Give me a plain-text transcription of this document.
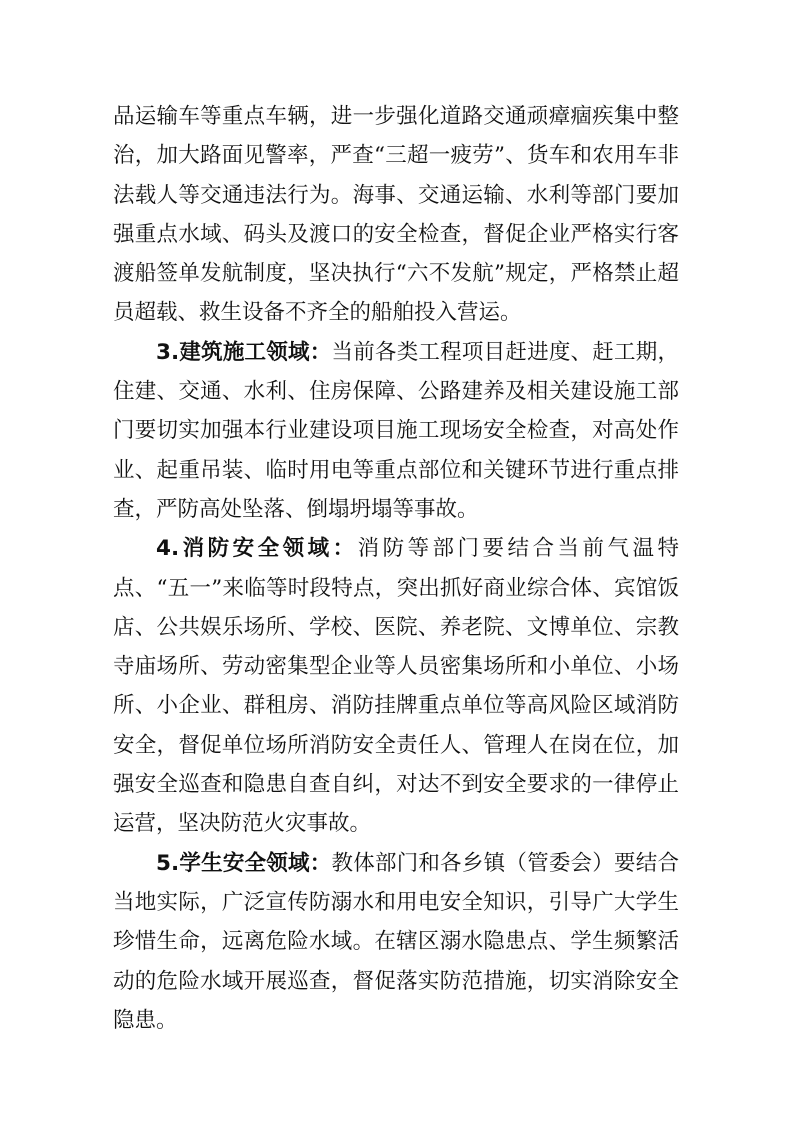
品运输车等重点车辆，进一步强化道路交通顽瘴痼疾集中整治，加大路面见警率，严查“三超一疲劳”、货车和农用车非法载人等交通违法行为。海事、交通运输、水利等部门要加强重点水域、码头及渡口的安全检查，督促企业严格实行客渡船签单发航制度，坚决执行“六不发航”规定，严格禁止超员超载、救生设备不齐全的船舶投入营运。

3.建筑施工领域：当前各类工程项目赶进度、赶工期，住建、交通、水利、住房保障、公路建养及相关建设施工部门要切实加强本行业建设项目施工现场安全检查，对高处作业、起重吊装、临时用电等重点部位和关键环节进行重点排查，严防高处坠落、倒塌坍塌等事故。

4.消防安全领域：消防等部门要结合当前气温特点、“五一”来临等时段特点，突出抓好商业综合体、宾馆饭店、公共娱乐场所、学校、医院、养老院、文博单位、宗教寺庙场所、劳动密集型企业等人员密集场所和小单位、小场所、小企业、群租房、消防挂牌重点单位等高风险区域消防安全，督促单位场所消防安全责任人、管理人在岗在位，加强安全巡查和隐患自查自纠，对达不到安全要求的一律停止运营，坚决防范火灾事故。

5.学生安全领域：教体部门和各乡镇（管委会）要结合当地实际，广泛宣传防溺水和用电安全知识，引导广大学生珍惜生命，远离危险水域。在辖区溺水隐患点、学生频繁活动的危险水域开展巡查，督促落实防范措施，切实消除安全隐患。
